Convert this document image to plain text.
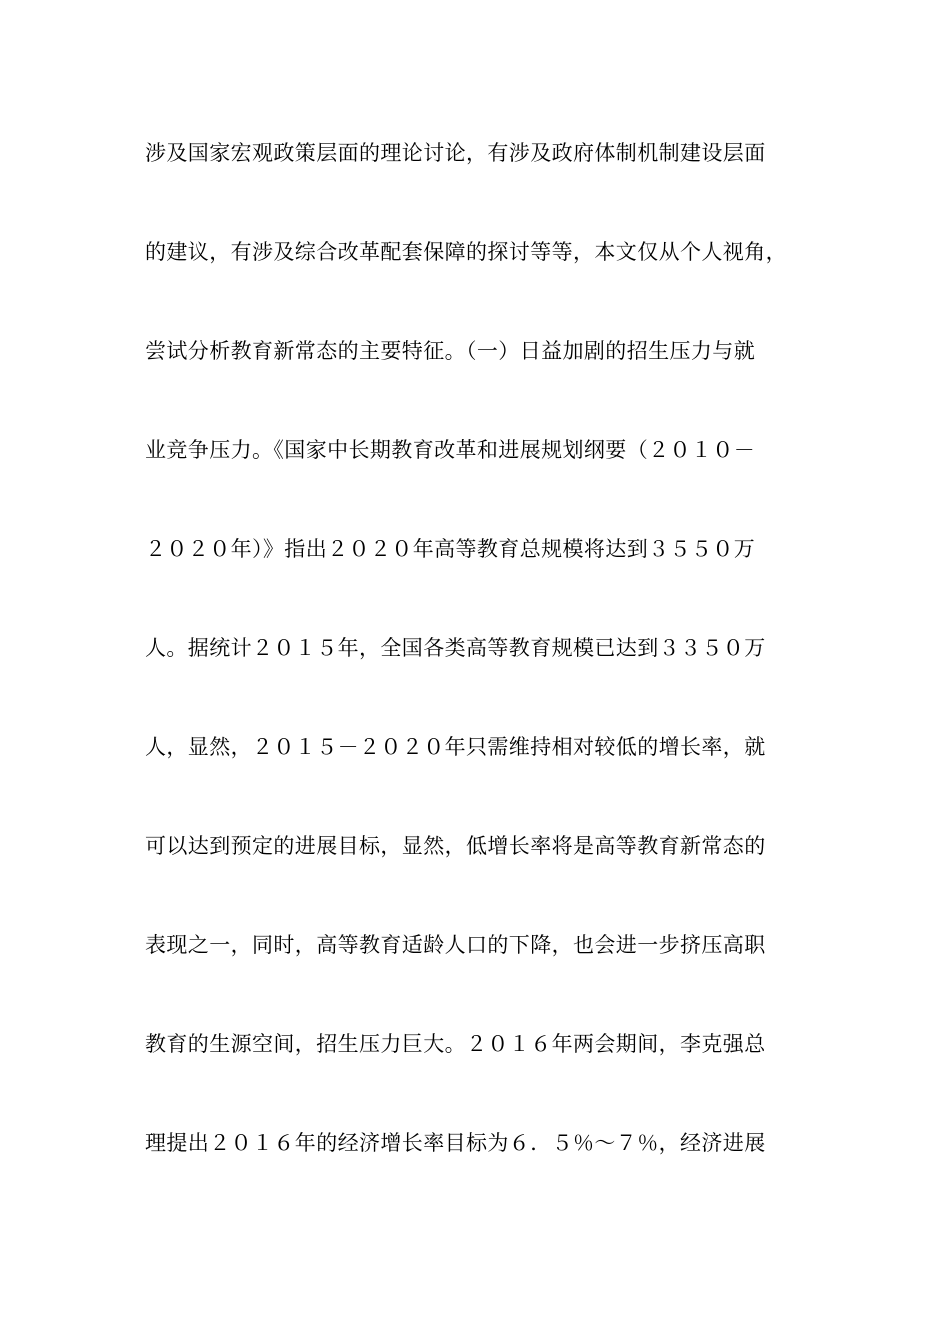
涉及国家宏观政策层面的理论讨论，有涉及政府体制机制建设层面
的建议，有涉及综合改革配套保障的探讨等等，本文仅从个人视角，
尝试分析教育新常态的主要特征。（一）日益加剧的招生压力与就
业竞争压力。《国家中长期教育改革和进展规划纲要（２０１０－
２０２０年）》指出２０２０年高等教育总规模将达到３５５０万
人。据统计２０１５年，全国各类高等教育规模已达到３３５０万
人，显然，２０１５－２０２０年只需维持相对较低的增长率，就
可以达到预定的进展目标，显然，低增长率将是高等教育新常态的
表现之一，同时，高等教育适龄人口的下降，也会进一步挤压高职
教育的生源空间，招生压力巨大。２０１６年两会期间，李克强总
理提出２０１６年的经济增长率目标为６．５％～７％，经济进展
